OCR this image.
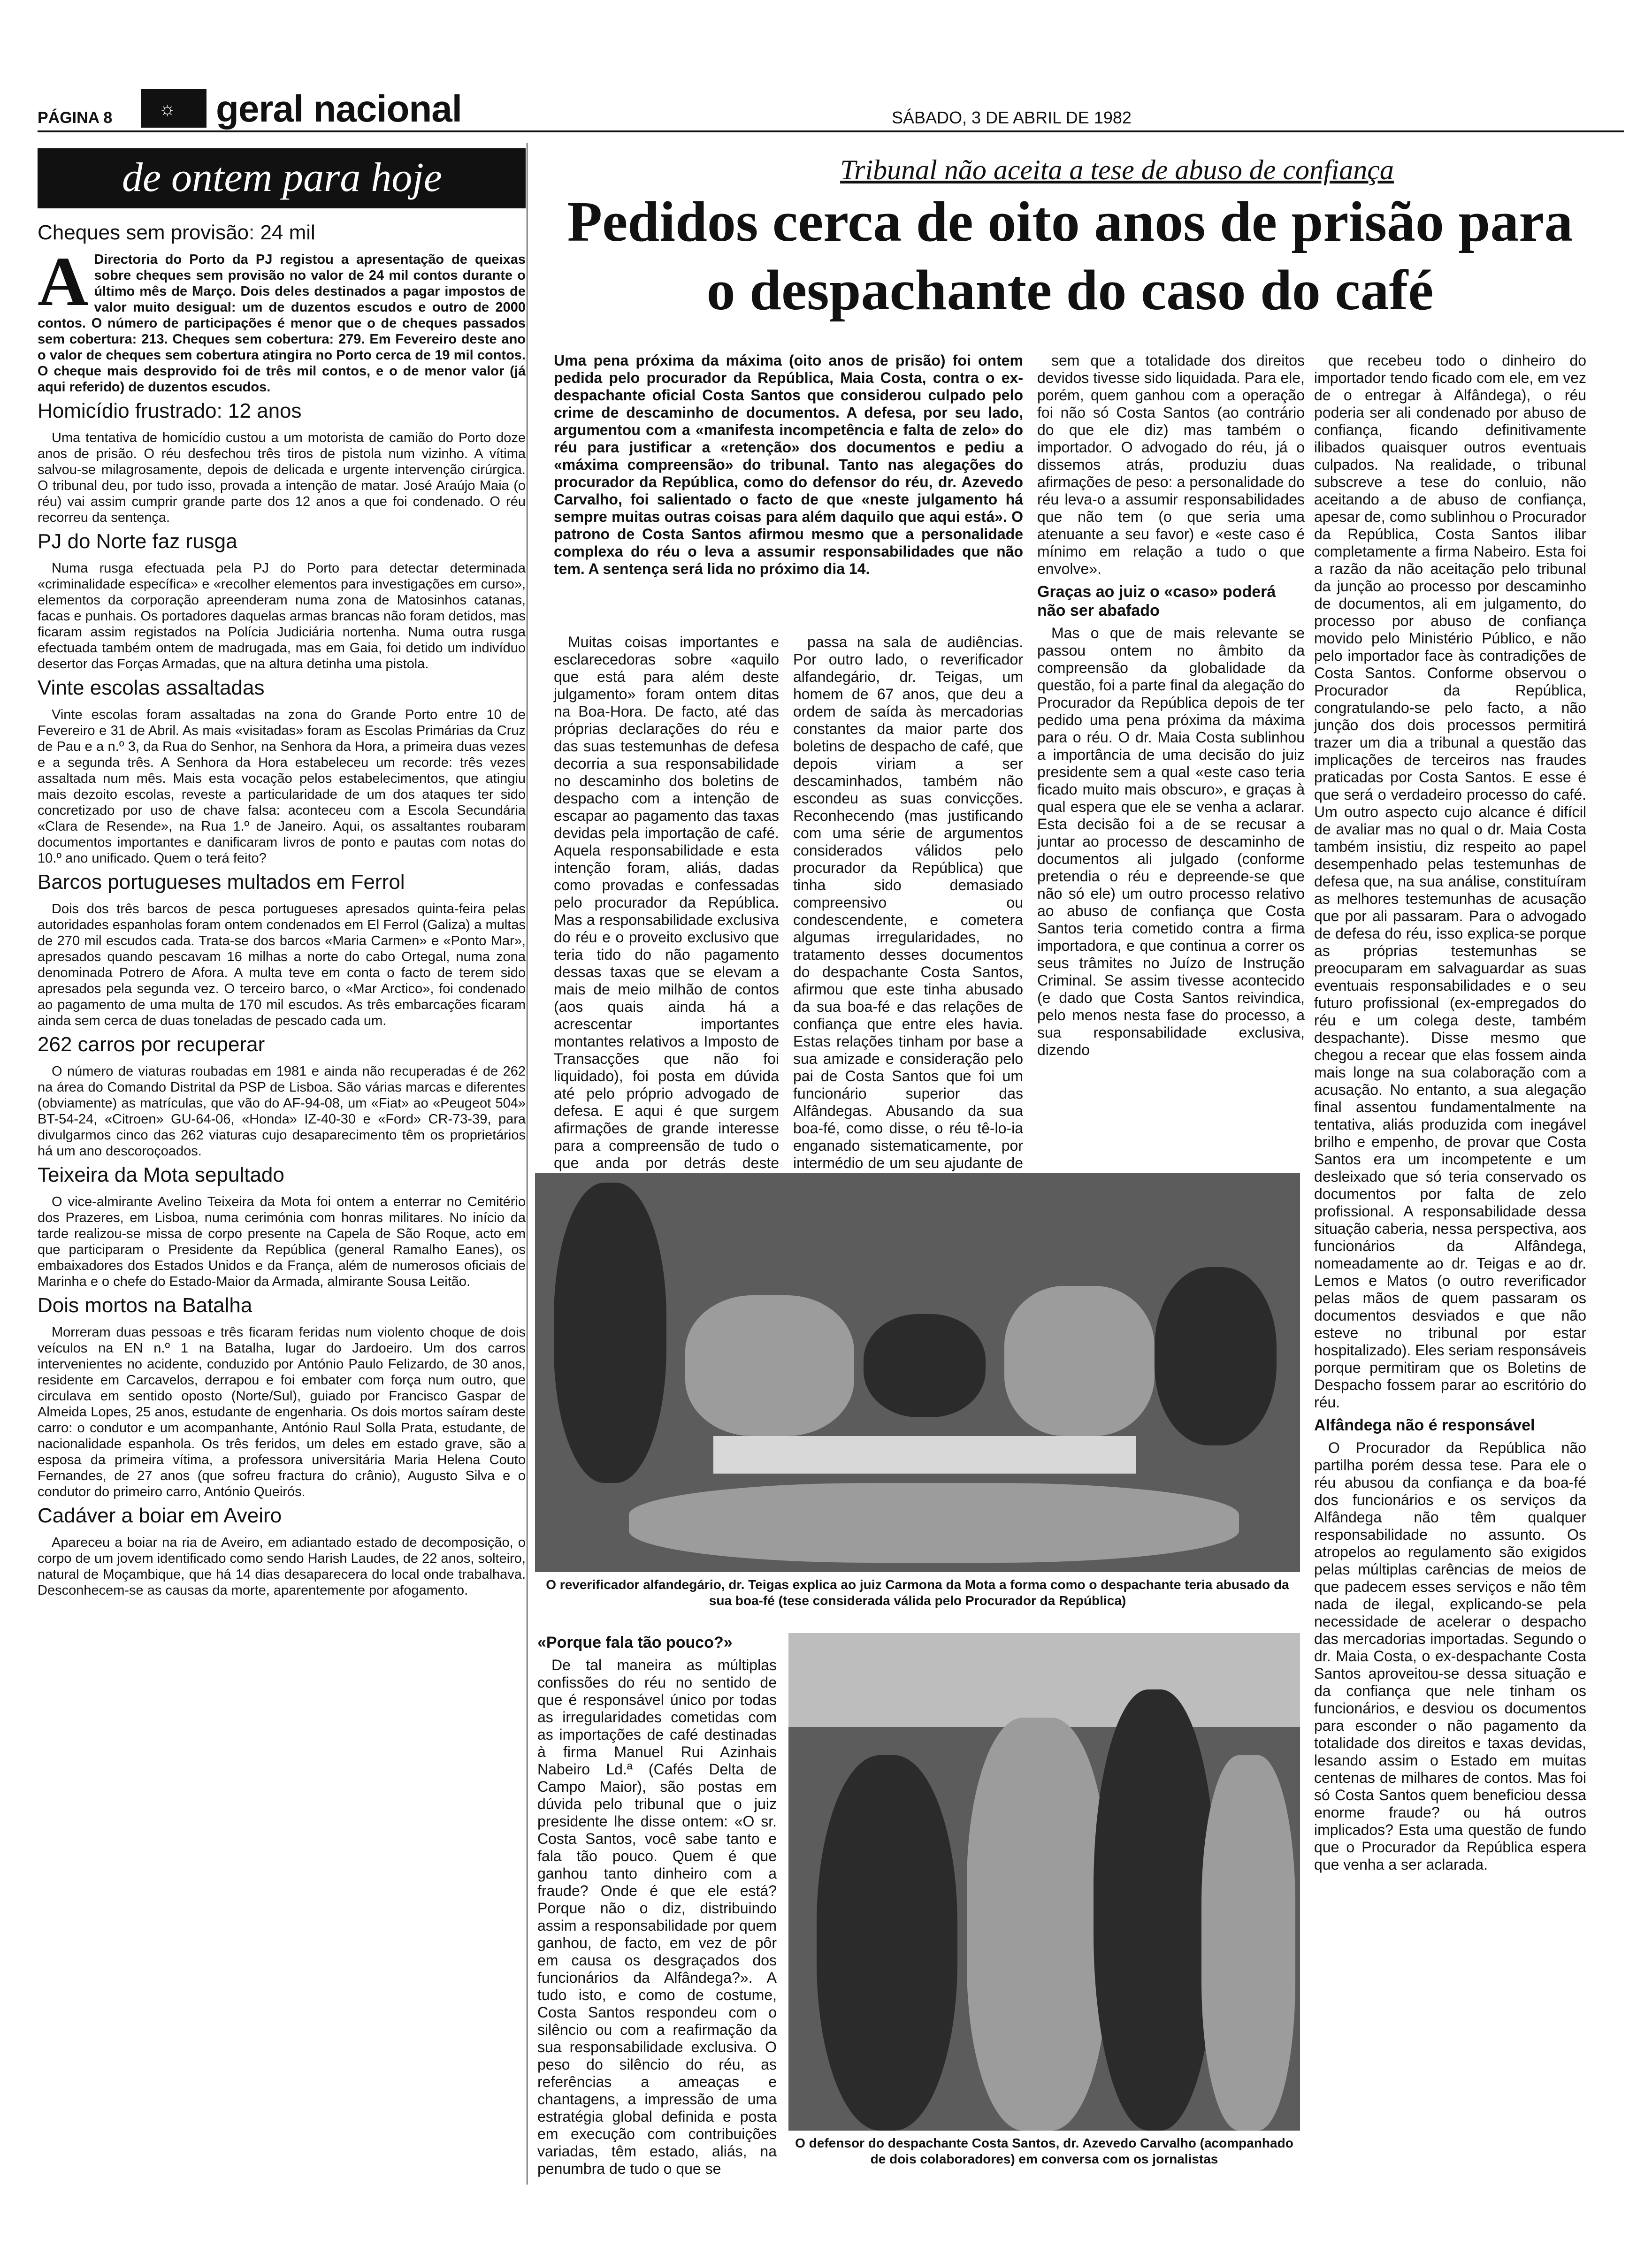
PÁGINA 8 ☼ geral nacional	SÁBADO, 3 DE ABRIL DE 1982
de ontem para hoje
Cheques sem provisão: 24 mil

A Directoria do Porto da PJ registou a apresentação de queixas sobre cheques sem provisão no valor de 24 mil contos durante o último mês de Março. Dois deles destinados a pagar impostos de valor muito desigual: um de duzentos escudos e outro de 2000 contos. O número de participações é menor que o de cheques passados sem cobertura: 213. Cheques sem cobertura: 279. Em Fevereiro deste ano o valor de cheques sem cobertura atingira no Porto cerca de 19 mil contos. O cheque mais desprovido foi de três mil contos, e o de menor valor (já aqui referido) de duzentos escudos.

Homicídio frustrado: 12 anos

Uma tentativa de homicídio custou a um motorista de camião do Porto doze anos de prisão. O réu desfechou três tiros de pistola num vizinho. A vítima salvou-se milagrosamente, depois de delicada e urgente intervenção cirúrgica. O tribunal deu, por tudo isso, provada a intenção de matar. José Araújo Maia (o réu) vai assim cumprir grande parte dos 12 anos a que foi condenado. O réu recorreu da sentença.

PJ do Norte faz rusga

Numa rusga efectuada pela PJ do Porto para detectar determinada «criminalidade específica» e «recolher elementos para investigações em curso», elementos da corporação apreenderam numa zona de Matosinhos catanas, facas e punhais. Os portadores daquelas armas brancas não foram detidos, mas ficaram assim registados na Polícia Judiciária nortenha. Numa outra rusga efectuada também ontem de madrugada, mas em Gaia, foi detido um indivíduo desertor das Forças Armadas, que na altura detinha uma pistola.

Vinte escolas assaltadas

Vinte escolas foram assaltadas na zona do Grande Porto entre 10 de Fevereiro e 31 de Abril. As mais «visitadas» foram as Escolas Primárias da Cruz de Pau e a n.º 3, da Rua do Senhor, na Senhora da Hora, a primeira duas vezes e a segunda três. A Senhora da Hora estabeleceu um recorde: três vezes assaltada num mês. Mais esta vocação pelos estabelecimentos, que atingiu mais dezoito escolas, reveste a particularidade de um dos ataques ter sido concretizado por uso de chave falsa: aconteceu com a Escola Secundária «Clara de Resende», na Rua 1.º de Janeiro. Aqui, os assaltantes roubaram documentos importantes e danificaram livros de ponto e pautas com notas do 10.º ano unificado. Quem o terá feito?

Barcos portugueses multados em Ferrol

Dois dos três barcos de pesca portugueses apresados quinta-feira pelas autoridades espanholas foram ontem condenados em El Ferrol (Galiza) a multas de 270 mil escudos cada. Trata-se dos barcos «Maria Carmen» e «Ponto Mar», apresados quando pescavam 16 milhas a norte do cabo Ortegal, numa zona denominada Potrero de Afora. A multa teve em conta o facto de terem sido apresados pela segunda vez. O terceiro barco, o «Mar Arctico», foi condenado ao pagamento de uma multa de 170 mil escudos. As três embarcações ficaram ainda sem cerca de duas toneladas de pescado cada um.

262 carros por recuperar

O número de viaturas roubadas em 1981 e ainda não recuperadas é de 262 na área do Comando Distrital da PSP de Lisboa. São várias marcas e diferentes (obviamente) as matrículas, que vão do AF-94-08, um «Fiat» ao «Peugeot 504» BT-54-24, «Citroen» GU-64-06, «Honda» IZ-40-30 e «Ford» CR-73-39, para divulgarmos cinco das 262 viaturas cujo desaparecimento têm os proprietários há um ano descoroçoados.

Teixeira da Mota sepultado

O vice-almirante Avelino Teixeira da Mota foi ontem a enterrar no Cemitério dos Prazeres, em Lisboa, numa cerimónia com honras militares. No início da tarde realizou-se missa de corpo presente na Capela de São Roque, acto em que participaram o Presidente da República (general Ramalho Eanes), os embaixadores dos Estados Unidos e da França, além de numerosos oficiais de Marinha e o chefe do Estado-Maior da Armada, almirante Sousa Leitão.

Dois mortos na Batalha

Morreram duas pessoas e três ficaram feridas num violento choque de dois veículos na EN n.º 1 na Batalha, lugar do Jardoeiro. Um dos carros intervenientes no acidente, conduzido por António Paulo Felizardo, de 30 anos, residente em Carcavelos, derrapou e foi embater com força num outro, que circulava em sentido oposto (Norte/Sul), guiado por Francisco Gaspar de Almeida Lopes, 25 anos, estudante de engenharia. Os dois mortos saíram deste carro: o condutor e um acompanhante, António Raul Solla Prata, estudante, de nacionalidade espanhola. Os três feridos, um deles em estado grave, são a esposa da primeira vítima, a professora universitária Maria Helena Couto Fernandes, de 27 anos (que sofreu fractura do crânio), Augusto Silva e o condutor do primeiro carro, António Queirós.

Cadáver a boiar em Aveiro

Apareceu a boiar na ria de Aveiro, em adiantado estado de decomposição, o corpo de um jovem identificado como sendo Harish Laudes, de 22 anos, solteiro, natural de Moçambique, que há 14 dias desaparecera do local onde trabalhava. Desconhecem-se as causas da morte, aparentemente por afogamento.

Tribunal não aceita a tese de abuso de confiança
Pedidos cerca de oito anos de prisão para o despachante do caso do café
Uma pena próxima da máxima (oito anos de prisão) foi ontem pedida pelo procurador da República, Maia Costa, contra o ex-despachante oficial Costa Santos que considerou culpado pelo crime de descaminho de documentos. A defesa, por seu lado, argumentou com a «manifesta incompetência e falta de zelo» do réu para justificar a «retenção» dos documentos e pediu a «máxima compreensão» do tribunal. Tanto nas alegações do procurador da República, como do defensor do réu, dr. Azevedo Carvalho, foi salientado o facto de que «neste julgamento há sempre muitas outras coisas para além daquilo que aqui está». O patrono de Costa Santos afirmou mesmo que a personalidade complexa do réu o leva a assumir responsabilidades que não tem. A sentença será lida no próximo dia 14.

Muitas coisas importantes e esclarecedoras sobre «aquilo que está para além deste julgamento» foram ontem ditas na Boa-Hora. De facto, até das próprias declarações do réu e das suas testemunhas de defesa decorria a sua responsabilidade no descaminho dos boletins de despacho com a intenção de escapar ao pagamento das taxas devidas pela importação de café. Aquela responsabilidade e esta intenção foram, aliás, dadas como provadas e confessadas pelo procurador da República. Mas a responsabilidade exclusiva do réu e o proveito exclusivo que teria tido do não pagamento dessas taxas que se elevam a mais de meio milhão de contos (aos quais ainda há a acrescentar importantes montantes relativos a Imposto de Transacções que não foi liquidado), foi posta em dúvida até pelo próprio advogado de defesa. E aqui é que surgem afirmações de grande interesse para a compreensão de tudo o que anda por detrás deste

passa na sala de audiências. Por outro lado, o reverificador alfandegário, dr. Teigas, um homem de 67 anos, que deu a ordem de saída às mercadorias constantes da maior parte dos boletins de despacho de café, que depois viriam a ser descaminhados, também não escondeu as suas convicções. Reconhecendo (mas justificando com uma série de argumentos considerados válidos pelo procurador da República) que tinha sido demasiado compreensivo ou condescendente, e cometera algumas irregularidades, no tratamento desses documentos do despachante Costa Santos, afirmou que este tinha abusado da sua boa-fé e das relações de confiança que entre eles havia. Estas relações tinham por base a sua amizade e consideração pelo pai de Costa Santos que foi um funcionário superior das Alfândegas. Abusando da sua boa-fé, como disse, o réu tê-lo-ia enganado sistematicamente, por intermédio de um seu ajudante de

sem que a totalidade dos direitos devidos tivesse sido liquidada. Para ele, porém, quem ganhou com a operação foi não só Costa Santos (ao contrário do que ele diz) mas também o importador. O advogado do réu, já o dissemos atrás, produziu duas afirmações de peso: a personalidade do réu leva-o a assumir responsabilidades que não tem (o que seria uma atenuante a seu favor) e «este caso é mínimo em relação a tudo o que envolve».

Graças ao juiz o «caso» poderá não ser abafado

Mas o que de mais relevante se passou ontem no âmbito da compreensão da globalidade da questão, foi a parte final da alegação do Procurador da República depois de ter pedido uma pena próxima da máxima para o réu. O dr. Maia Costa sublinhou a importância de uma decisão do juiz presidente sem a qual «este caso teria ficado muito mais obscuro», e graças à qual espera que ele se venha a aclarar. Esta decisão foi a de se recusar a juntar ao processo de descaminho de documentos ali julgado (conforme pretendia o réu e depreende-se que não só ele) um outro processo relativo ao abuso de confiança que Costa Santos teria cometido contra a firma importadora, e que continua a correr os seus trâmites no Juízo de Instrução Criminal. Se assim tivesse acontecido (e dado que Costa Santos reivindica, pelo menos nesta fase do processo, a sua responsabilidade exclusiva, dizendo

que recebeu todo o dinheiro do importador tendo ficado com ele, em vez de o entregar à Alfândega), o réu poderia ser ali condenado por abuso de confiança, ficando definitivamente ilibados quaisquer outros eventuais culpados. Na realidade, o tribunal subscreve a tese do conluio, não aceitando a de abuso de confiança, apesar de, como sublinhou o Procurador da República, Costa Santos ilibar completamente a firma Nabeiro. Esta foi a razão da não aceitação pelo tribunal da junção ao processo por descaminho de documentos, ali em julgamento, do processo por abuso de confiança movido pelo Ministério Público, e não pelo importador face às contradições de Costa Santos. Conforme observou o Procurador da República, congratulando-se pelo facto, a não junção dos dois processos permitirá trazer um dia a tribunal a questão das implicações de terceiros nas fraudes praticadas por Costa Santos. E esse é que será o verdadeiro processo do café. Um outro aspecto cujo alcance é difícil de avaliar mas no qual o dr. Maia Costa também insistiu, diz respeito ao papel desempenhado pelas testemunhas de defesa que, na sua análise, constituíram as melhores testemunhas de acusação que por ali passaram. Para o advogado de defesa do réu, isso explica-se porque as próprias testemunhas se preocuparam em salvaguardar as suas eventuais responsabilidades e o seu futuro profissional (ex-empregados do réu e um colega deste, também despachante). Disse mesmo que chegou a recear que elas fossem ainda mais longe na sua colaboração com a acusação. No entanto, a sua alegação final assentou fundamentalmente na tentativa, aliás produzida com inegável brilho e empenho, de provar que Costa Santos era um incompetente e um desleixado que só teria conservado os documentos por falta de zelo profissional. A responsabilidade dessa situação caberia, nessa perspectiva, aos funcionários da Alfândega, nomeadamente ao dr. Teigas e ao dr. Lemos e Matos (o outro reverificador pelas mãos de quem passaram os documentos desviados e que não esteve no tribunal por estar hospitalizado). Eles seriam responsáveis porque permitiram que os Boletins de Despacho fossem parar ao escritório do réu.

Alfândega não é responsável

O Procurador da República não partilha porém dessa tese. Para ele o réu abusou da confiança e da boa-fé dos funcionários e os serviços da Alfândega não têm qualquer responsabilidade no assunto. Os atropelos ao regulamento são exigidos pelas múltiplas carências de meios de que padecem esses serviços e não têm nada de ilegal, explicando-se pela necessidade de acelerar o despacho das mercadorias importadas. Segundo o dr. Maia Costa, o ex-despachante Costa Santos aproveitou-se dessa situação e da confiança que nele tinham os funcionários, e desviou os documentos para esconder o não pagamento da totalidade dos direitos e taxas devidas, lesando assim o Estado em muitas centenas de milhares de contos. Mas foi só Costa Santos quem beneficiou dessa enorme fraude? ou há outros implicados? Esta uma questão de fundo que o Procurador da República espera que venha a ser aclarada.

O reverificador alfandegário, dr. Teigas explica ao juiz Carmona da Mota a forma como o despachante teria abusado da sua boa-fé (tese considerada válida pelo Procurador da República)
«Porque fala tão pouco?»

De tal maneira as múltiplas confissões do réu no sentido de que é responsável único por todas as irregularidades cometidas com as importações de café destinadas à firma Manuel Rui Azinhais Nabeiro Ld.ª (Cafés Delta de Campo Maior), são postas em dúvida pelo tribunal que o juiz presidente lhe disse ontem: «O sr. Costa Santos, você sabe tanto e fala tão pouco. Quem é que ganhou tanto dinheiro com a fraude? Onde é que ele está? Porque não o diz, distribuindo assim a responsabilidade por quem ganhou, de facto, em vez de pôr em causa os desgraçados dos funcionários da Alfândega?». A tudo isto, e como de costume, Costa Santos respondeu com o silêncio ou com a reafirmação da sua responsabilidade exclusiva. O peso do silêncio do réu, as referências a ameaças e chantagens, a impressão de uma estratégia global definida e posta em execução com contribuições variadas, têm estado, aliás, na penumbra de tudo o que se

O defensor do despachante Costa Santos, dr. Azevedo Carvalho (acompanhado de dois colaboradores) em conversa com os jornalistas
